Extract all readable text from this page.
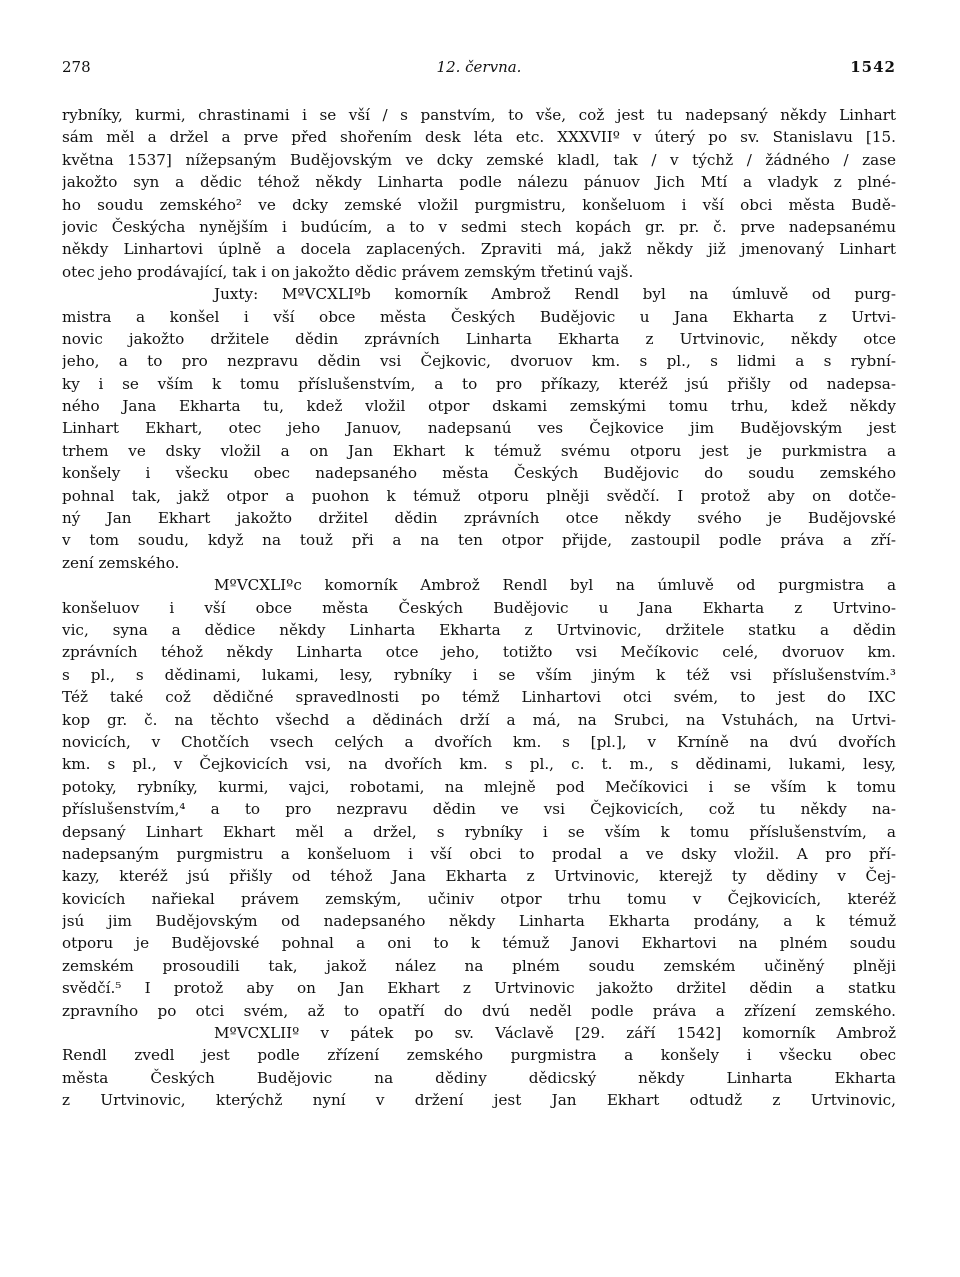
278	12. června.	1542
rybníky, kurmi, chrastinami i se vší / s panstvím, to vše, což jest tu nadepsaný někdy Linhart
sám měl a držel a prve před shořením desk léta etc. XXXVIIº v úterý po sv. Stanislavu [15.
května 1537] nížepsaným Budějovským ve dcky zemské kladl, tak / v týchž / žádného / zase
jakožto syn a dědic téhož někdy Linharta podle nálezu pánuov Jich Mtí a vladyk z plné-
ho soudu zemského² ve dcky zemské vložil purgmistru, konšeluom i vší obci města Budě-
jovic Českýcha nynějším i budúcím, a to v sedmi stech kopách gr. pr. č. prve nadepsanému
někdy Linhartovi úplně a docela zaplacených. Zpraviti má, jakž někdy již jmenovaný Linhart
otec jeho prodávající, tak i on jakožto dědic právem zemským třetinú vajš.
Juxty: MºVCXLIºb komorník Ambrož Rendl byl na úmluvě od purg-
mistra a konšel i vší obce města Českých Budějovic u Jana Ekharta z Urtvi-
novic jakožto držitele dědin zprávních Linharta Ekharta z Urtvinovic, někdy otce
jeho, a to pro nezpravu dědin vsi Čejkovic, dvoruov km. s pl., s lidmi a s rybní-
ky i se vším k tomu příslušenstvím, a to pro příkazy, kteréž jsú přišly od nadepsa-
ného Jana Ekharta tu, kdež vložil otpor dskami zemskými tomu trhu, kdež někdy
Linhart Ekhart, otec jeho Januov, nadepsanú ves Čejkovice jim Budějovským jest
trhem ve dsky vložil a on Jan Ekhart k témuž svému otporu jest je purkmistra a
konšely i všecku obec nadepsaného města Českých Budějovic do soudu zemského
pohnal tak, jakž otpor a puohon k témuž otporu plněji svědčí. I protož aby on dotče-
ný Jan Ekhart jakožto držitel dědin zprávních otce někdy svého je Budějovské
v tom soudu, když na touž při a na ten otpor přijde, zastoupil podle práva a zří-
zení zemského.
MºVCXLIºc komorník Ambrož Rendl byl na úmluvě od purgmistra a
konšeluov i vší obce města Českých Budějovic u Jana Ekharta z Urtvino-
vic, syna a dědice někdy Linharta Ekharta z Urtvinovic, držitele statku a dědin
zprávních téhož někdy Linharta otce jeho, totižto vsi Mečíkovic celé, dvoruov km.
s pl., s dědinami, lukami, lesy, rybníky i se vším jiným k též vsi příslušenstvím.³
Též také což dědičné spravedlnosti po témž Linhartovi otci svém, to jest do IXC
kop gr. č. na těchto všechd a dědinách drží a má, na Srubci, na Vstuhách, na Urtvi-
novicích, v Chotčích vsech celých a dvořích km. s [pl.], v Krníně na dvú dvořích
km. s pl., v Čejkovicích vsi, na dvořích km. s pl., c. t. m., s dědinami, lukami, lesy,
potoky, rybníky, kurmi, vajci, robotami, na mlejně pod Mečíkovici i se vším k tomu
příslušenstvím,⁴ a to pro nezpravu dědin ve vsi Čejkovicích, což tu někdy na-
depsaný Linhart Ekhart měl a držel, s rybníky i se vším k tomu příslušenstvím, a
nadepsaným purgmistru a konšeluom i vší obci to prodal a ve dsky vložil. A pro pří-
kazy, kteréž jsú přišly od téhož Jana Ekharta z Urtvinovic, kterejž ty dědiny v Čej-
kovicích nařiekal právem zemským, učiniv otpor trhu tomu v Čejkovicích, kteréž
jsú jim Budějovským od nadepsaného někdy Linharta Ekharta prodány, a k témuž
otporu je Budějovské pohnal a oni to k témuž Janovi Ekhartovi na plném soudu
zemském prosoudili tak, jakož nález na plném soudu zemském učiněný plněji
svědčí.⁵ I protož aby on Jan Ekhart z Urtvinovic jakožto držitel dědin a statku
zpravního po otci svém, až to opatří do dvú neděl podle práva a zřízení zemského.
MºVCXLIIº v pátek po sv. Václavě [29. září 1542] komorník Ambrož
Rendl zvedl jest podle zřízení zemského purgmistra a konšely i všecku obec
města Českých Budějovic na dědiny dědicský někdy Linharta Ekharta
z Urtvinovic, kterýchž nyní v držení jest Jan Ekhart odtudž z Urtvinovic,
